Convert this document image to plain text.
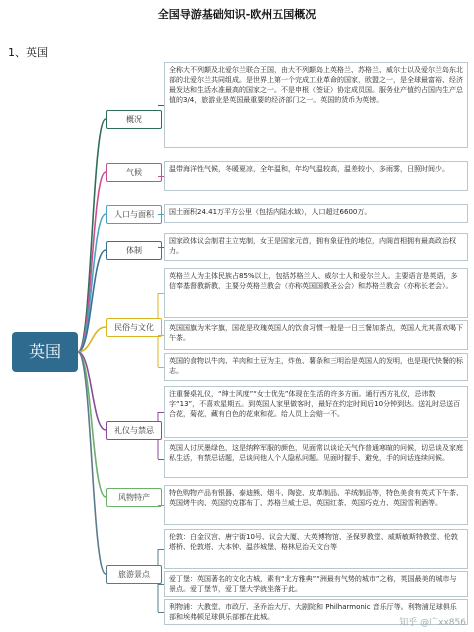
全国导游基础知识-欧州五国概况
1、英国
英国
概况
全称大不列颠及北爱尔兰联合王国，由大不列颠岛上英格兰、苏格兰、威尔士以及爱尔兰岛东北部的北爱尔兰共同组成。是世界上第一个完成工业革命的国家，欧盟之一，是全球最富裕、经济最发达和生活水准最高的国家之一。不是申根（签证）协定成员国。服务业产值约占国内生产总值的3/4，旅游业是英国最重要的经济部门之一。英国的货币为英镑。
气候	温带海洋性气候，冬暖夏凉，全年温和，年均气温较高，温差较小，多雨雾，日照时间少。
人口与面积	国土面积24.41万平方公里（包括内陆水域），人口超过6600万。
体制
国家政体议会制君主立宪制，女王是国家元首，拥有象征性的地位，内阁首相拥有最高政治权力。
民俗与文化
英格兰人为主体民族占85%以上，包括苏格兰人、威尔士人和爱尔兰人。主要语言是英语，多信奉基督教新教，主要分英格兰教会（亦称英国国教圣公会）和苏格兰教会（亦称长老会）。
英国国旗为米字旗，国花是玫瑰英国人的饮食习惯一般是一日三餐加茶点，英国人尤其喜欢喝下午茶。
英国的食物以牛肉、羊肉和土豆为主，炸鱼、薯条和三明治是英国人的发明，也是现代快餐的标志。
礼仪与禁忌
注重餐桌礼仪，“绅士风度”“女士优先”体现在生活的许多方面。通行西方礼仪，忌讳数字“13”，不喜欢星期五。到英国人家里做客时，最好在约定时间后10分钟到达。送礼时忌送百合花，菊花，藏有白色的花束和花。给人员上会赔一不。
英国人讨厌墨绿色，这是纳粹军服的颜色，见面常以谈论天气作普通寒暄的问候，切忌谈及家庭私生活，有禁忌话题，忌谈问他人个人隐私问题。见面时握手、避免，手的问话连续问候。
风物特产	特色购物产品有银器、泰迪熊、烟斗、陶瓷、皮革制品、羊绒制品等，特色美食有英式下午茶、英国烤牛肉、英国约克郡布丁、苏格兰威士忌、英国红茶、英国巧克力、英国雪利酒等。
旅游景点
伦敦：白金汉宫、唐宁街10号、议会大厦、大英博物馆、圣保罗教堂、威斯敏斯特教堂、伦敦塔桥、伦敦塔、大本钟、温莎城堡、格林尼治天文台等
爱丁堡：英国著名的文化古城，素有“北方雅典”“洲最有气势的城市”之称，英国最美的城市与景点。爱丁堡节，爱丁堡大学就坐落于此。
利物浦：大教堂、市政厅、圣乔治大厅、大剧院和 Philharmonic 音乐厅等。利物浦足球俱乐部和埃弗顿足球俱乐部都在此城。
知乎 @广xx856
